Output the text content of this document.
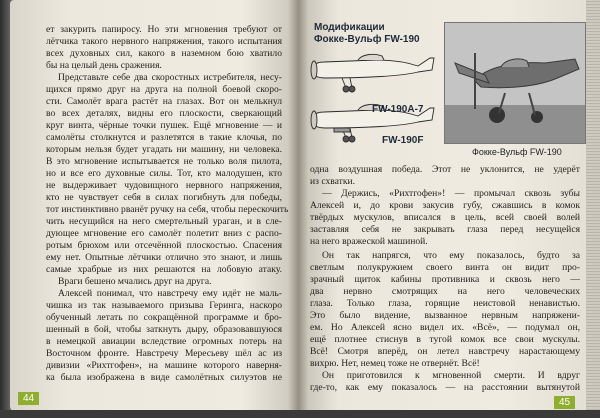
ет закурить папиросу. Но эти мгновения требуют от
лётчика такого нервного напряжения, такого испытания
всех духовных сил, какого в наземном бою хватило
бы на целый день сражения.
Представьте себе два скоростных истребителя, несу-
щихся прямо друг на друга на полной боевой скоро-
сти. Самолёт врага растёт на глазах. Вот он мелькнул
во всех деталях, видны его плоскости, сверкающий
круг винта, чёрные точки пушек. Ещё мгновение — и
самолёты столкнутся и разлетятся в такие клочья, по
которым нельзя будет угадать ни машину, ни человека.
В это мгновение испытывается не только воля пилота,
но и все его духовные силы. Тот, кто малодушен, кто
не выдерживает чудовищного нервного напряжения,
кто не чувствует себя в силах погибнуть для победы,
тот инстинктивно рванёт ручку на себя, чтобы перескочить
чить несущийся на него смертельный ураган, и в сле-
дующее мгновение его самолёт полетит вниз с распо-
ротым брюхом или отсечённой плоскостью. Спасения
ему нет. Опытные лётчики отлично это знают, и лишь
самые храбрые из них решаются на лобовую атаку.
Враги бешено мчались друг на друга.
Алексей понимал, что навстречу ему идёт не маль-
чишка из так называемого призыва Геринга, наскоро
обученный летать по сокращённой программе и бро-
шенный в бой, чтобы заткнуть дыру, образовавшуюся
в немецкой авиации вследствие огромных потерь на
Восточном фронте. Навстречу Мересьеву шёл ас из
дивизии «Рихтгофен», на машине которого наверня-
ка была изображена в виде самолётных силуэтов не
44
Модификации
Фокке-Вульф FW-190
FW-190A-7
FW-190F
Фокке-Вульф FW-190
одна воздушная победа. Этот не уклонится, не удерёт
из схватки.
— Держись, «Рихтгофен»! — промычал сквозь зубы
Алексей и, до крови закусив губу, сжавшись в комок
твёрдых мускулов, вписался в цель, всей своей волей
заставляя себя не закрывать глаза перед несущейся
на него вражеской машиной.
Он так напрягся, что ему показалось, будто за
светлым полукружием своего винта он видит про-
зрачный щиток кабины противника и сквозь него —
два нервно смотрящих на него человеческих
глаза. Только глаза, горящие неистовой ненавистью.
Это было видение, вызванное нервным напряжени-
ем. Но Алексей ясно видел их. «Всё», — подумал он,
ещё плотнее стиснув в тугой комок все свои мускулы.
Всё! Смотря вперёд, он летел навстречу нарастающему
вихрю. Нет, немец тоже не отвернёт. Всё!
Он приготовился к мгновенной смерти. И вдруг
где-то, как ему показалось — на расстоянии вытянутой
45
